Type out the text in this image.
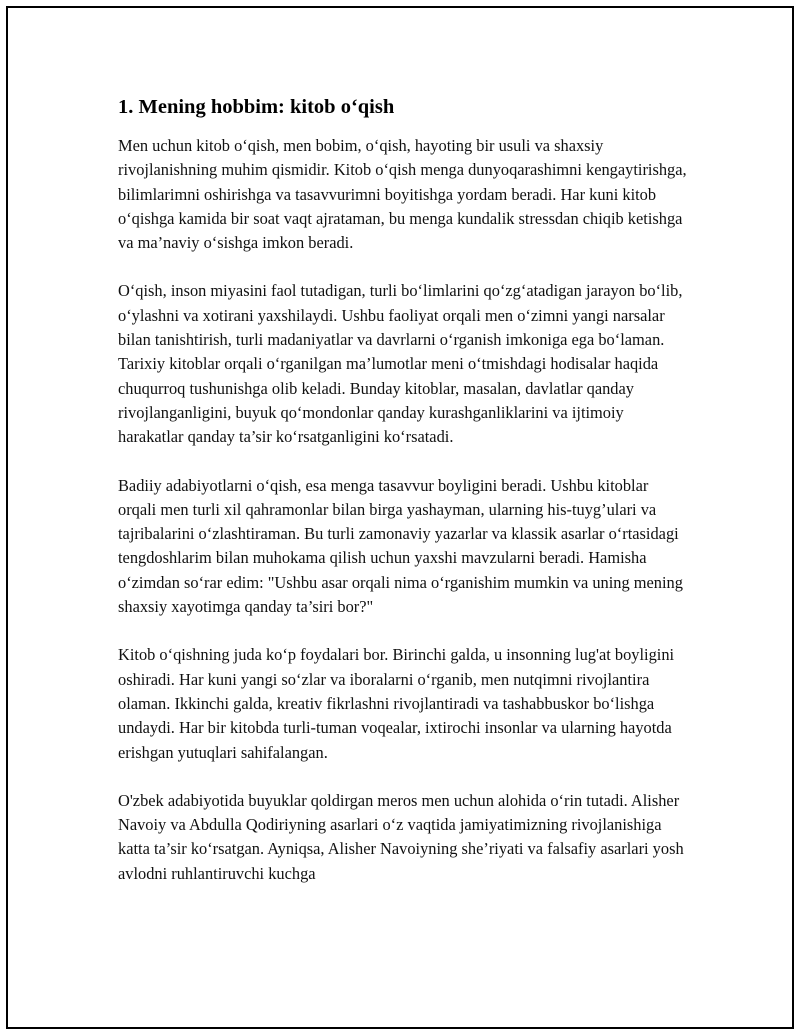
1. Mening hobbim: kitob o‘qish

Men uchun kitob o‘qish, men bobim, o‘qish, hayoting bir usuli va shaxsiy rivojlanishning muhim qismidir. Kitob o‘qish menga dunyoqarashimni kengaytirishga, bilimlarimni oshirishga va tasavvurimni boyitishga yordam beradi. Har kuni kitob o‘qishga kamida bir soat vaqt ajrataman, bu menga kundalik stressdan chiqib ketishga va ma’naviy o‘sishga imkon beradi.

O‘qish, inson miyasini faol tutadigan, turli bo‘limlarini qo‘zg‘atadigan jarayon bo‘lib, o‘ylashni va xotirani yaxshilaydi. Ushbu faoliyat orqali men o‘zimni yangi narsalar bilan tanishtirish, turli madaniyatlar va davrlarni o‘rganish imkoniga ega bo‘laman. Tarixiy kitoblar orqali o‘rganilgan ma’lumotlar meni o‘tmishdagi hodisalar haqida chuqurroq tushunishga olib keladi. Bunday kitoblar, masalan, davlatlar qanday rivojlanganligini, buyuk qo‘mondonlar qanday kurashganliklarini va ijtimoiy harakatlar qanday ta’sir ko‘rsatganligini ko‘rsatadi.

Badiiy adabiyotlarni o‘qish, esa menga tasavvur boyligini beradi. Ushbu kitoblar orqali men turli xil qahramonlar bilan birga yashayman, ularning his-tuyg’ulari va tajribalarini o‘zlashtiraman. Bu turli zamonaviy yazarlar va klassik asarlar o‘rtasidagi tengdoshlarim bilan muhokama qilish uchun yaxshi mavzularni beradi. Hamisha o‘zimdan so‘rar edim: "Ushbu asar orqali nima o‘rganishim mumkin va uning mening shaxsiy xayotimga qanday ta’siri bor?"

Kitob o‘qishning juda ko‘p foydalari bor. Birinchi galda, u insonning lug'at boyligini oshiradi. Har kuni yangi so‘zlar va iboralarni o‘rganib, men nutqimni rivojlantira olaman. Ikkinchi galda, kreativ fikrlashni rivojlantiradi va tashabbuskor bo‘lishga undaydi. Har bir kitobda turli-tuman voqealar, ixtirochi insonlar va ularning hayotda erishgan yutuqlari sahifalangan.

O'zbek adabiyotida buyuklar qoldirgan meros men uchun alohida o‘rin tutadi. Alisher Navoiy va Abdulla Qodiriyning asarlari o‘z vaqtida jamiyatimizning rivojlanishiga katta ta’sir ko‘rsatgan. Ayniqsa, Alisher Navoiyning she’riyati va falsafiy asarlari yosh avlodni ruhlantiruvchi kuchga
